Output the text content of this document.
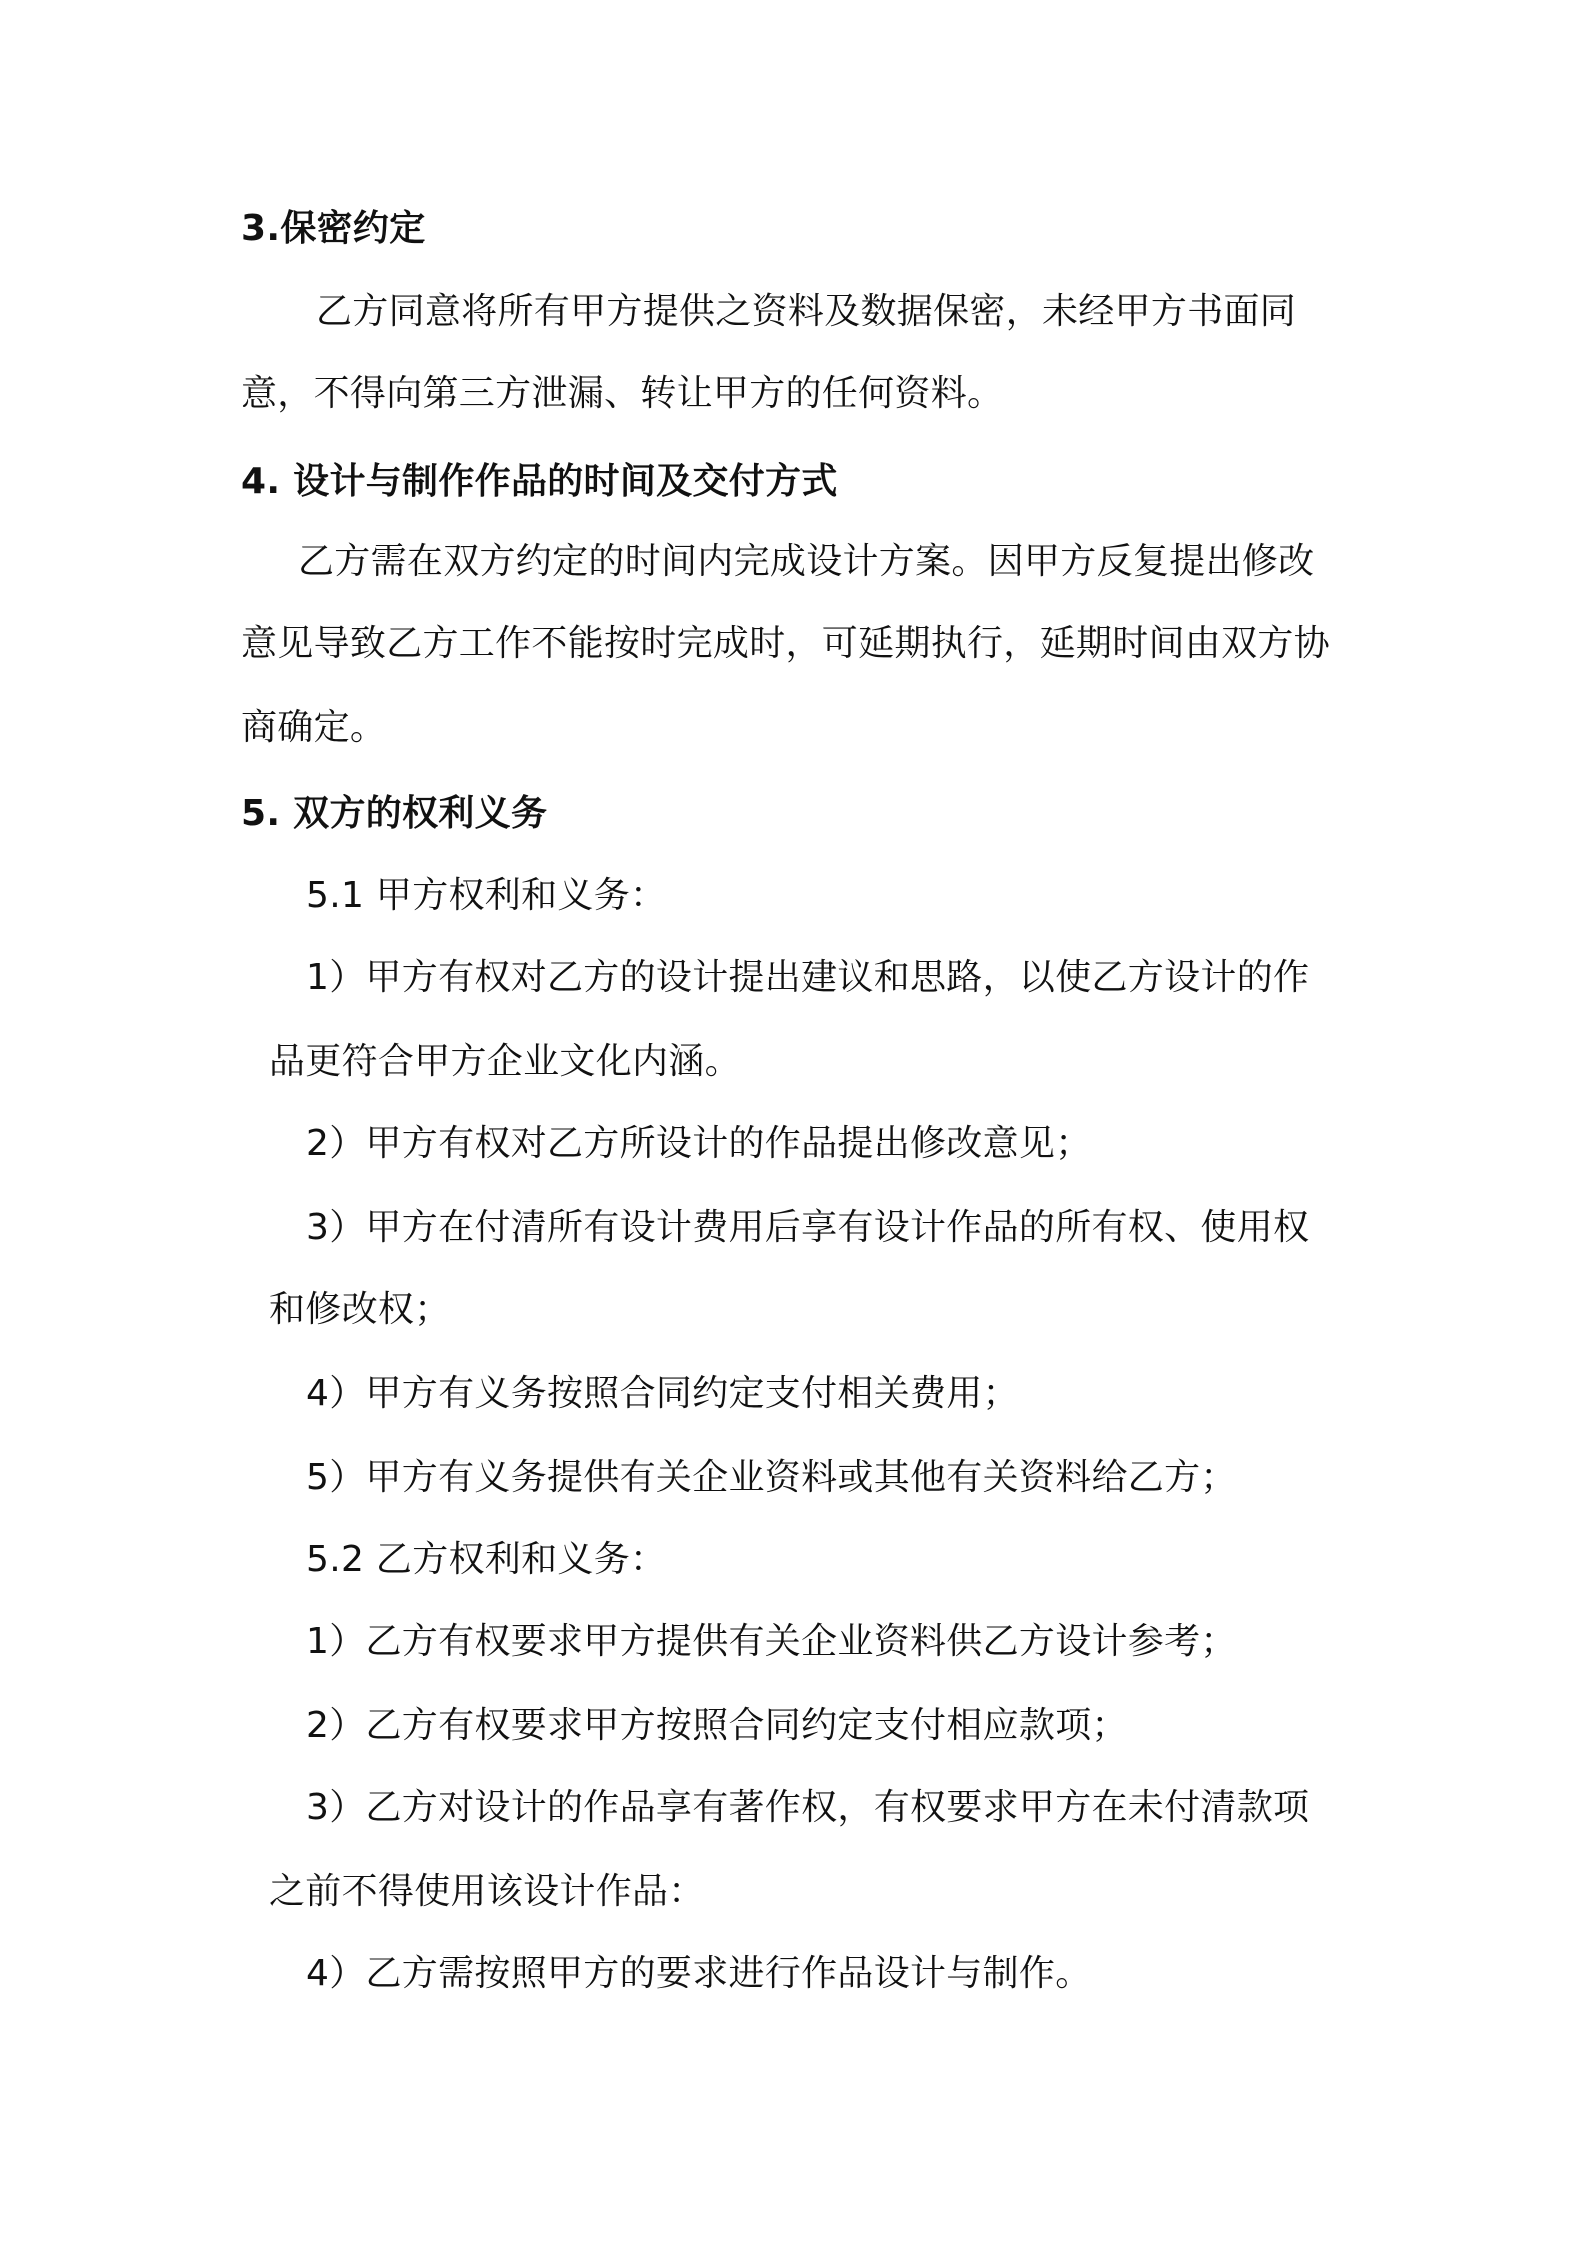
3.保密约定

乙方同意将所有甲方提供之资料及数据保密，未经甲方书面同

意，不得向第三方泄漏、转让甲方的任何资料。

4. 设计与制作作品的时间及交付方式

乙方需在双方约定的时间内完成设计方案。因甲方反复提出修改

意见导致乙方工作不能按时完成时，可延期执行，延期时间由双方协

商确定。

5. 双方的权利义务

5.1 甲方权利和义务：

1）甲方有权对乙方的设计提出建议和思路，以使乙方设计的作

品更符合甲方企业文化内涵。

2）甲方有权对乙方所设计的作品提出修改意见；

3）甲方在付清所有设计费用后享有设计作品的所有权、使用权

和修改权；

4）甲方有义务按照合同约定支付相关费用；

5）甲方有义务提供有关企业资料或其他有关资料给乙方；

5.2 乙方权利和义务：

1）乙方有权要求甲方提供有关企业资料供乙方设计参考；

2）乙方有权要求甲方按照合同约定支付相应款项；

3）乙方对设计的作品享有著作权，有权要求甲方在未付清款项

之前不得使用该设计作品：

4）乙方需按照甲方的要求进行作品设计与制作。
